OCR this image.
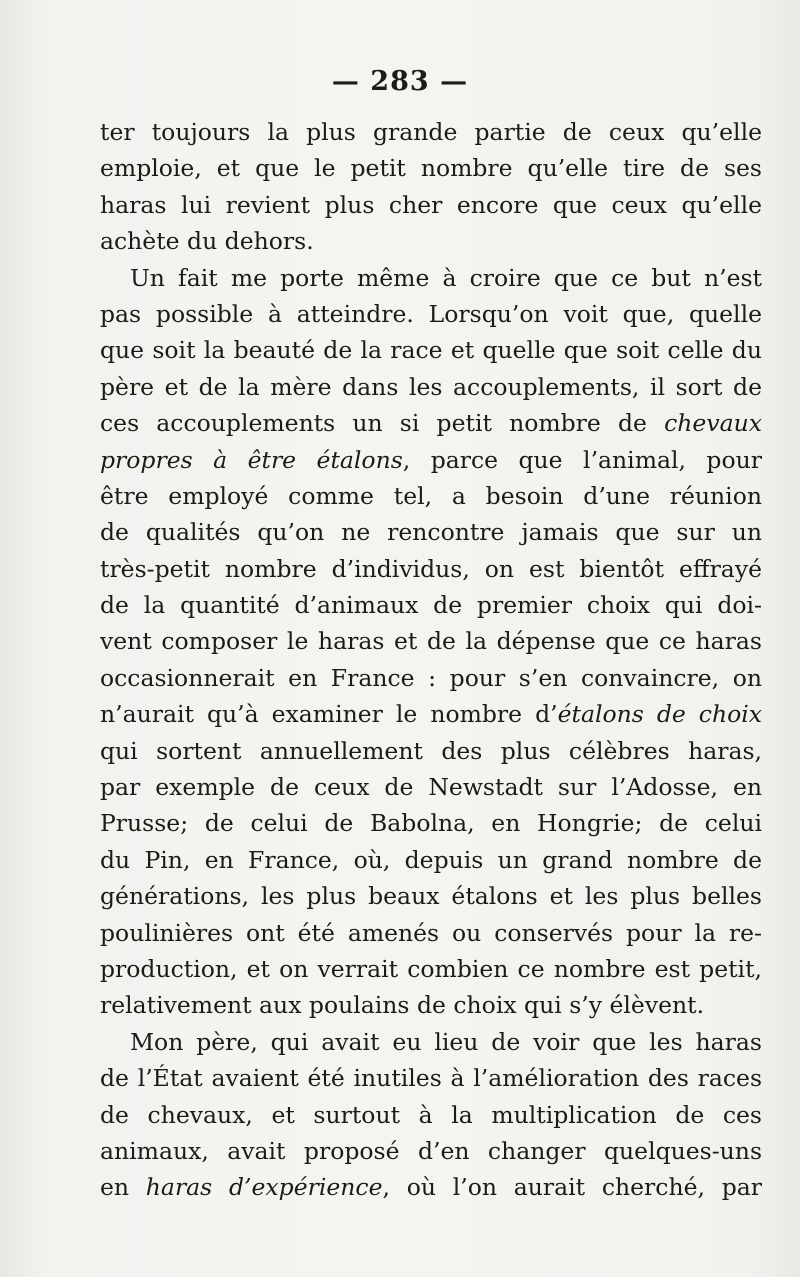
— 283 —
ter toujours la plus grande partie de ceux qu’elle
emploie, et que le petit nombre qu’elle tire de ses
haras lui revient plus cher encore que ceux qu’elle
achète du dehors.
Un fait me porte même à croire que ce but n’est
pas possible à atteindre. Lorsqu’on voit que, quelle
que soit la beauté de la race et quelle que soit celle du
père et de la mère dans les accouplements, il sort de
ces accouplements un si petit nombre de chevaux
propres à être étalons, parce que l’animal, pour
être employé comme tel, a besoin d’une réunion
de qualités qu’on ne rencontre jamais que sur un
très-petit nombre d’individus, on est bientôt effrayé
de la quantité d’animaux de premier choix qui doi-
vent composer le haras et de la dépense que ce haras
occasionnerait en France : pour s’en convaincre, on
n’aurait qu’à examiner le nombre d’étalons de choix
qui sortent annuellement des plus célèbres haras,
par exemple de ceux de Newstadt sur l’Adosse, en
Prusse; de celui de Babolna, en Hongrie; de celui
du Pin, en France, où, depuis un grand nombre de
générations, les plus beaux étalons et les plus belles
poulinières ont été amenés ou conservés pour la re-
production, et on verrait combien ce nombre est petit,
relativement aux poulains de choix qui s’y élèvent.
Mon père, qui avait eu lieu de voir que les haras
de l’État avaient été inutiles à l’amélioration des races
de chevaux, et surtout à la multiplication de ces
animaux, avait proposé d’en changer quelques-uns
en haras d’expérience, où l’on aurait cherché, par
